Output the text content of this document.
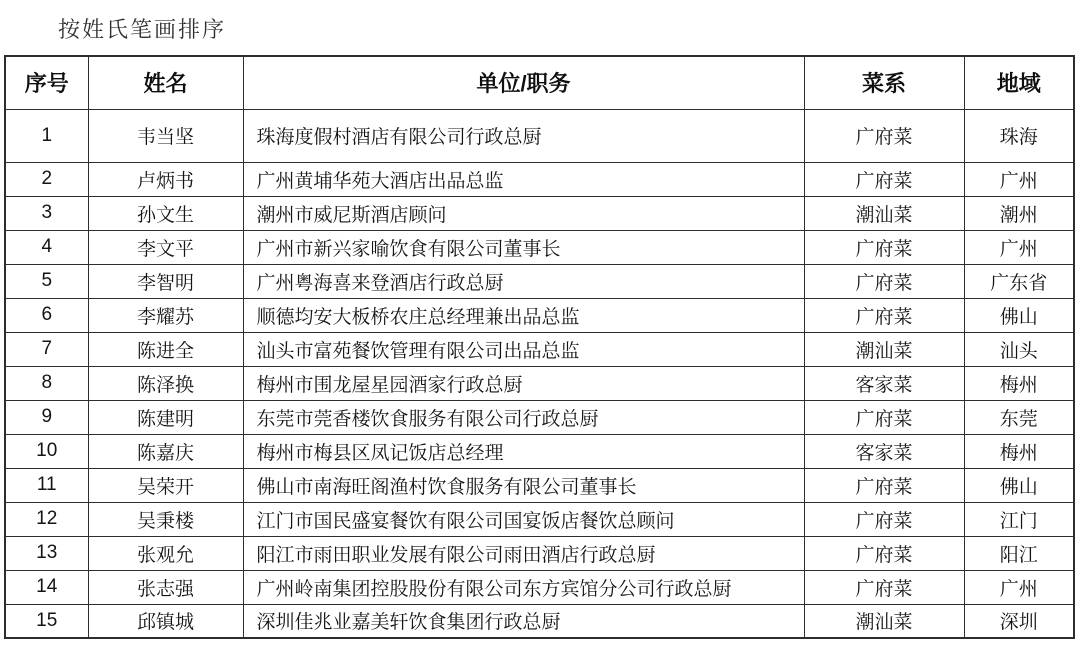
按姓氏笔画排序
序号	姓名	单位/职务	菜系	地域
1	韦当坚	珠海度假村酒店有限公司行政总厨	广府菜	珠海
2	卢炳书	广州黄埔华苑大酒店出品总监	广府菜	广州
3	孙文生	潮州市威尼斯酒店顾问	潮汕菜	潮州
4	李文平	广州市新兴家喻饮食有限公司董事长	广府菜	广州
5	李智明	广州粤海喜来登酒店行政总厨	广府菜	广东省
6	李耀苏	顺德均安大板桥农庄总经理兼出品总监	广府菜	佛山
7	陈进全	汕头市富苑餐饮管理有限公司出品总监	潮汕菜	汕头
8	陈泽换	梅州市围龙屋星园酒家行政总厨	客家菜	梅州
9	陈建明	东莞市莞香楼饮食服务有限公司行政总厨	广府菜	东莞
10	陈嘉庆	梅州市梅县区凤记饭店总经理	客家菜	梅州
11	吴荣开	佛山市南海旺阁渔村饮食服务有限公司董事长	广府菜	佛山
12	吴秉楼	江门市国民盛宴餐饮有限公司国宴饭店餐饮总顾问	广府菜	江门
13	张观允	阳江市雨田职业发展有限公司雨田酒店行政总厨	广府菜	阳江
14	张志强	广州岭南集团控股股份有限公司东方宾馆分公司行政总厨	广府菜	广州
15	邱镇城	深圳佳兆业嘉美轩饮食集团行政总厨	潮汕菜	深圳
